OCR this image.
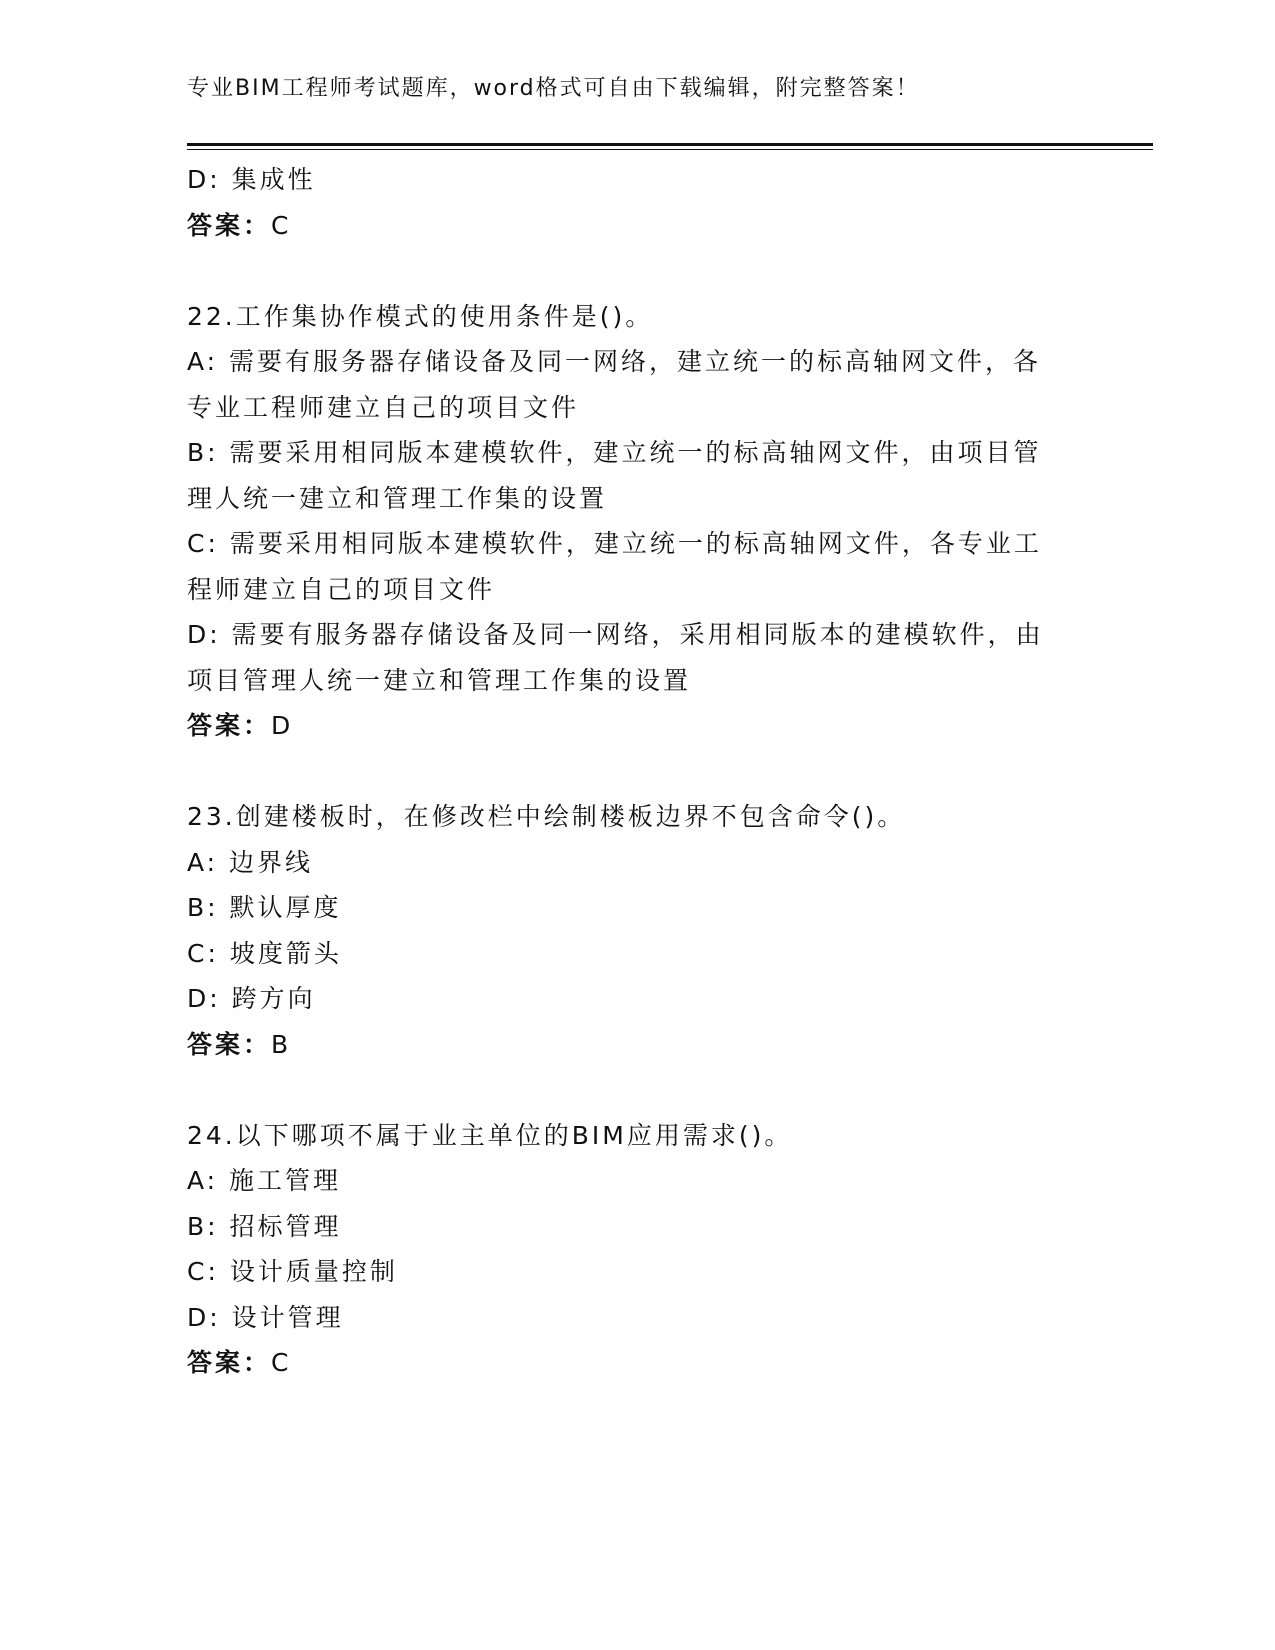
专业BIM工程师考试题库，word格式可自由下载编辑，附完整答案！
D: 集成性
答案：C
22.工作集协作模式的使用条件是()。
A: 需要有服务器存储设备及同一网络，建立统一的标高轴网文件，各
专业工程师建立自己的项目文件
B: 需要采用相同版本建模软件，建立统一的标高轴网文件，由项目管
理人统一建立和管理工作集的设置
C: 需要采用相同版本建模软件，建立统一的标高轴网文件，各专业工
程师建立自己的项目文件
D: 需要有服务器存储设备及同一网络，采用相同版本的建模软件，由
项目管理人统一建立和管理工作集的设置
答案：D
23.创建楼板时，在修改栏中绘制楼板边界不包含命令()。
A: 边界线
B: 默认厚度
C: 坡度箭头
D: 跨方向
答案：B
24.以下哪项不属于业主单位的BIM应用需求()。
A: 施工管理
B: 招标管理
C: 设计质量控制
D: 设计管理
答案：C
